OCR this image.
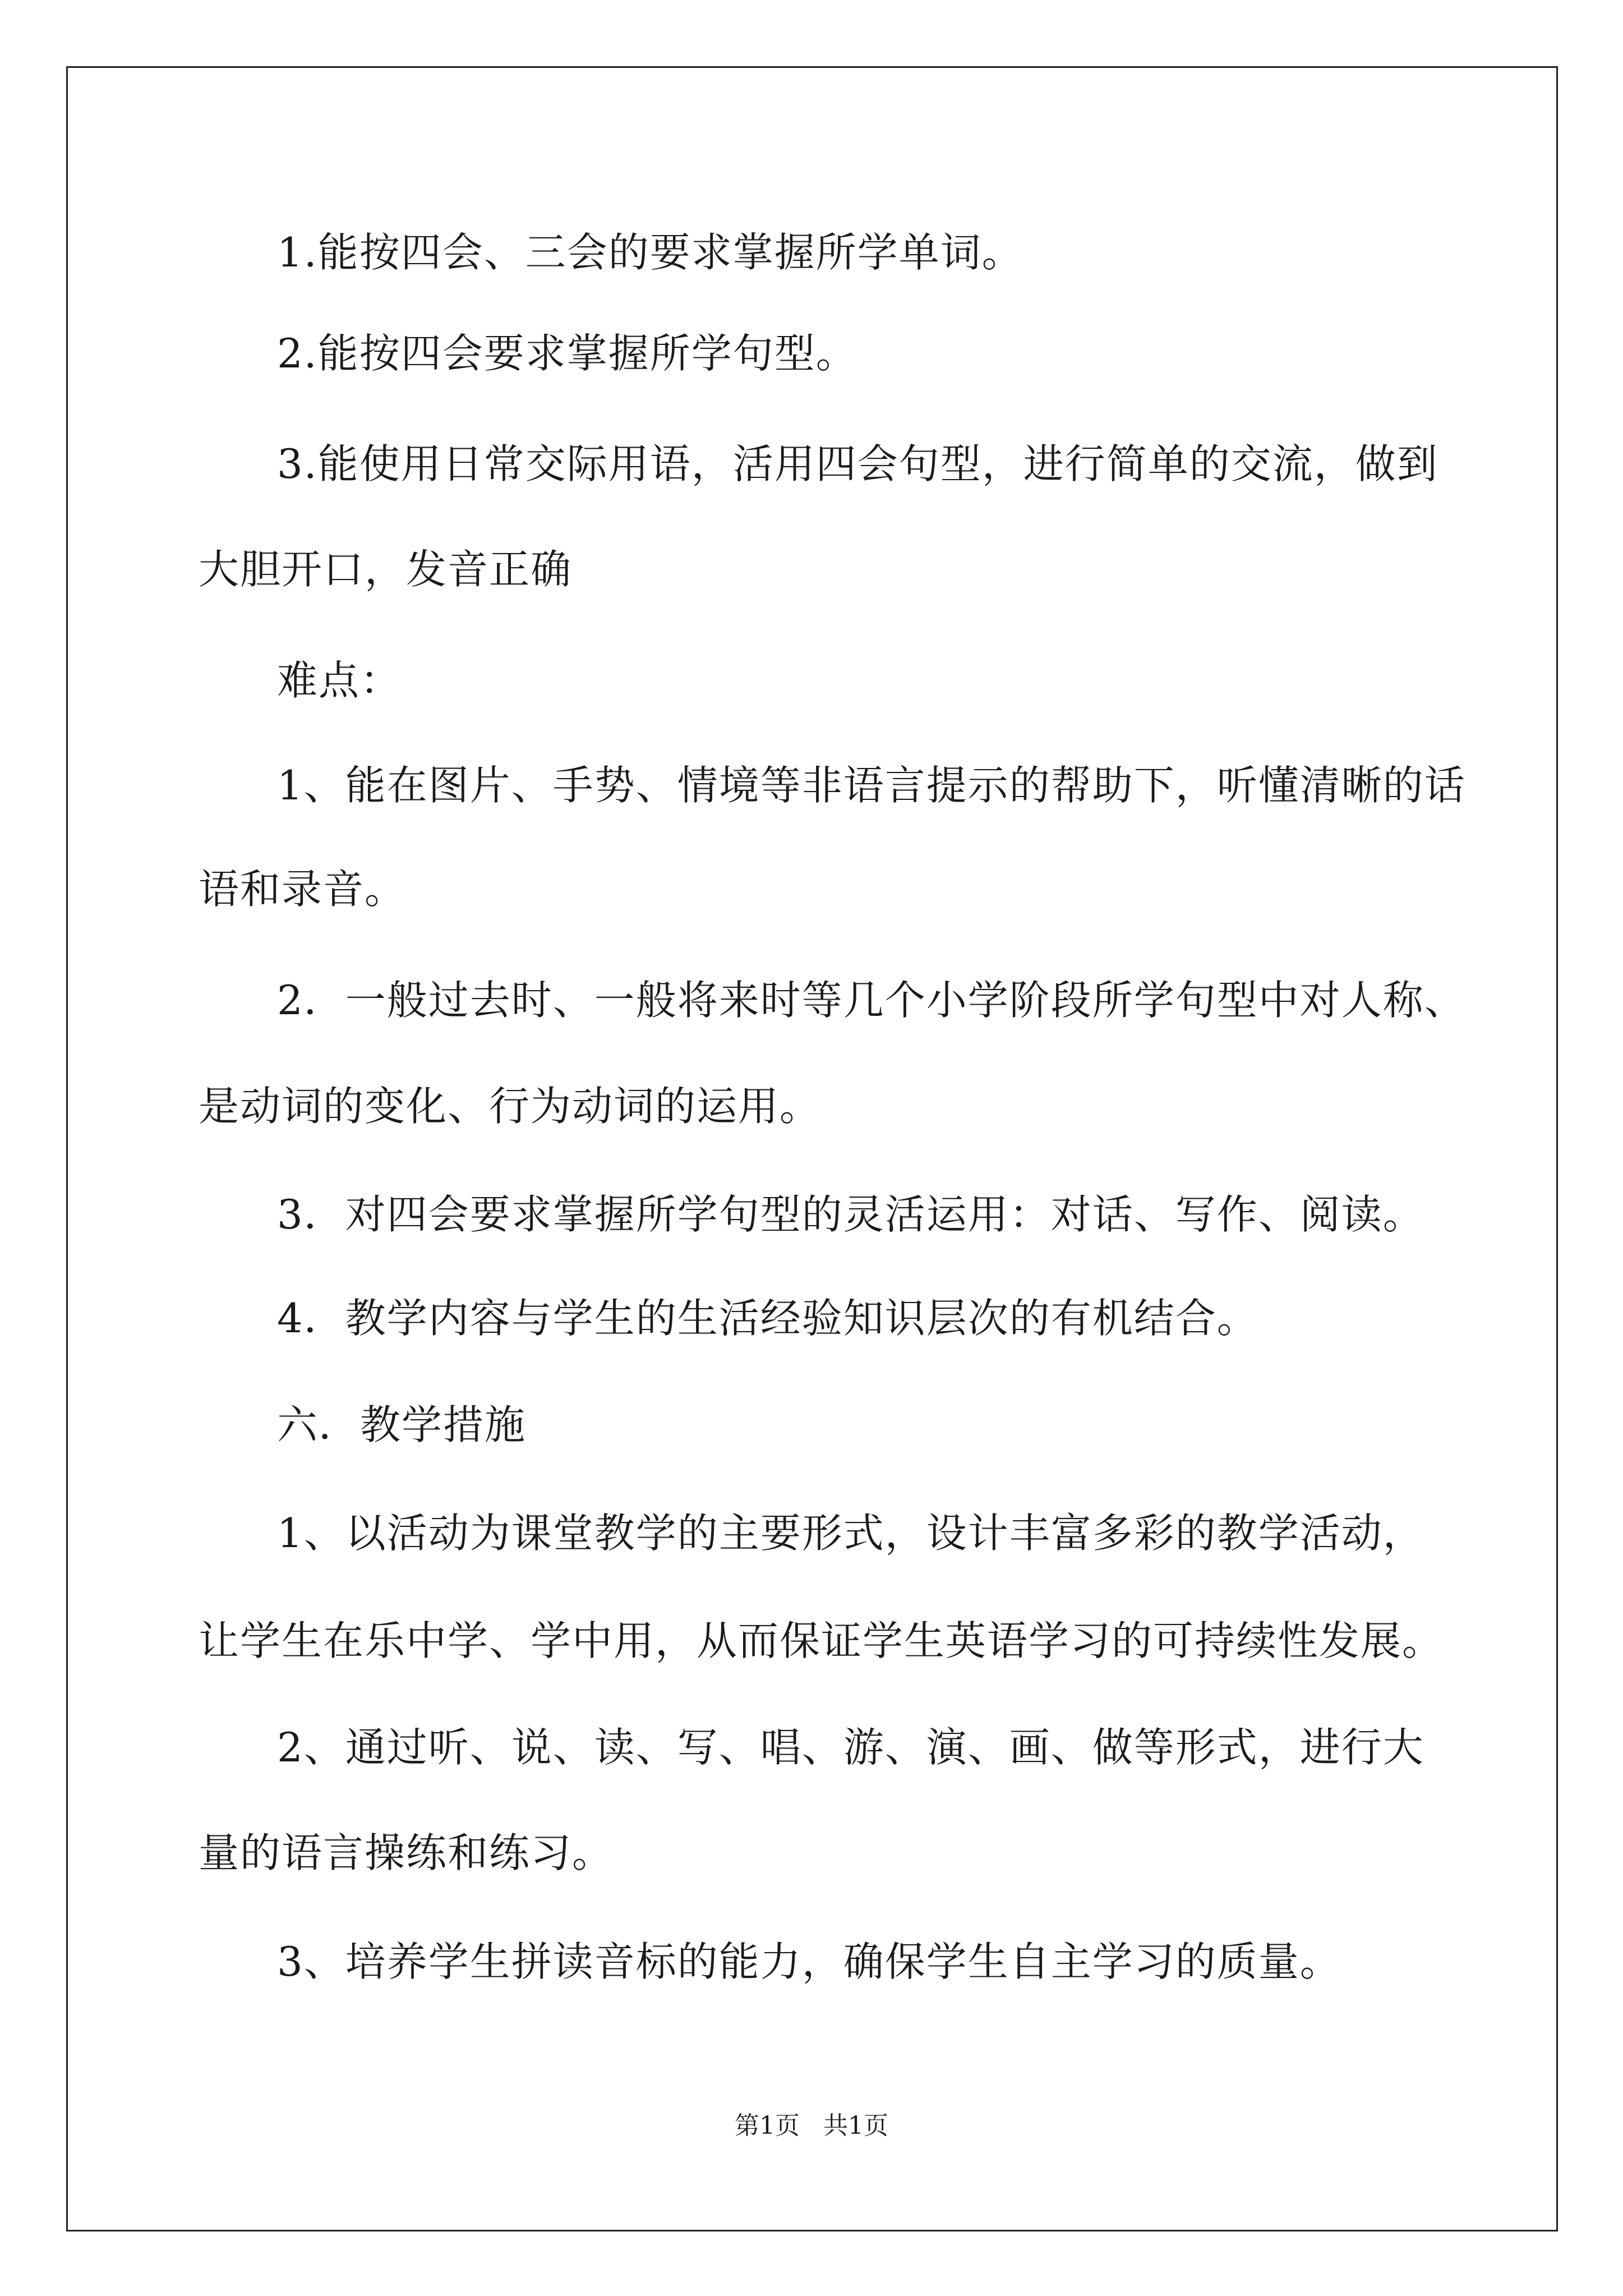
1.能按四会、三会的要求掌握所学单词。

2.能按四会要求掌握所学句型。

3.能使用日常交际用语，活用四会句型，进行简单的交流，做到

大胆开口，发音正确

难点：

1、能在图片、手势、情境等非语言提示的帮助下，听懂清晰的话

语和录音。

2．一般过去时、一般将来时等几个小学阶段所学句型中对人称、

是动词的变化、行为动词的运用。

3．对四会要求掌握所学句型的灵活运用：对话、写作、阅读。

4．教学内容与学生的生活经验知识层次的有机结合。

六．教学措施

1、以活动为课堂教学的主要形式，设计丰富多彩的教学活动，

让学生在乐中学、学中用，从而保证学生英语学习的可持续性发展。

2、通过听、说、读、写、唱、游、演、画、做等形式，进行大

量的语言操练和练习。

3、培养学生拼读音标的能力，确保学生自主学习的质量。

第1页   共1页
